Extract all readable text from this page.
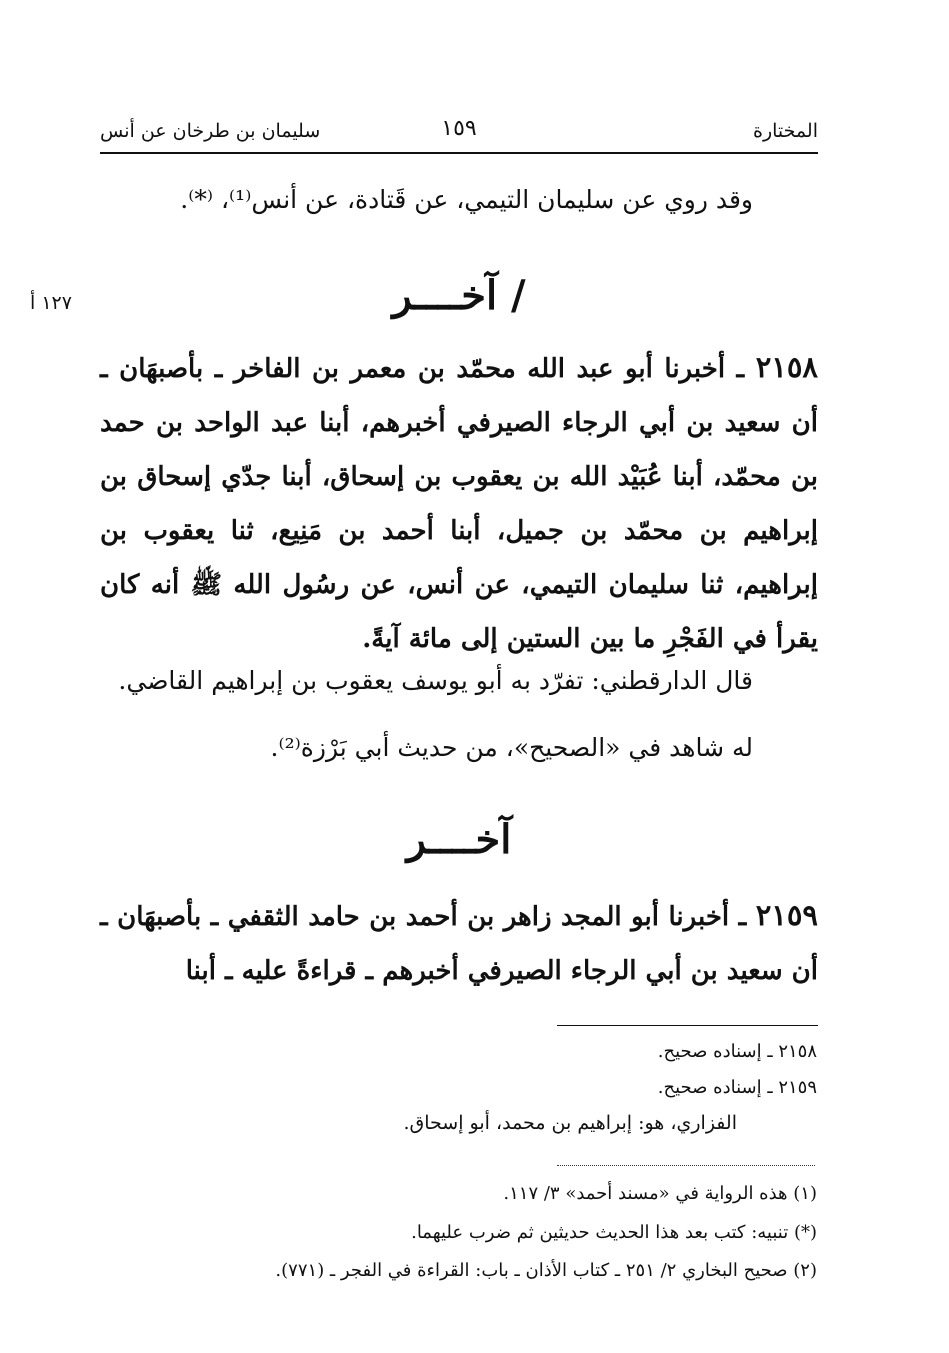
المختارة
١٥٩
سليمان بن طرخان عن أنس
وقد روي عن سليمان التيمي، عن قَتادة، عن أنس⁽¹⁾، ⁽*⁾.
١٢٧ أ	/ آخــــر
٢١٥٨ ـ أخبرنا أبو عبد الله محمّد بن معمر بن الفاخر ـ بأصبهَان ـ أن سعيد بن أبي الرجاء الصيرفي أخبرهم، أبنا عبد الواحد بن حمد بن محمّد، أبنا عُبَيْد الله بن يعقوب بن إسحاق، أبنا جدّي إسحاق بن إبراهيم بن محمّد بن جميل، أبنا أحمد بن مَنِيع، ثنا يعقوب بن إبراهيم، ثنا سليمان التيمي، عن أنس، عن رسُول الله ﷺ أنه كان يقرأ في الفَجْرِ ما بين الستين إلى مائة آيةً.
قال الدارقطني: تفرّد به أبو يوسف يعقوب بن إبراهيم القاضي.
له شاهد في «الصحيح»، من حديث أبي بَرْزة⁽²⁾.
آخــــر
٢١٥٩ ـ أخبرنا أبو المجد زاهر بن أحمد بن حامد الثقفي ـ بأصبهَان ـ أن سعيد بن أبي الرجاء الصيرفي أخبرهم ـ قراءةً عليه ـ أبنا
٢١٥٨ ـ إسناده صحيح.
٢١٥٩ ـ إسناده صحيح.
الفزاري، هو: إبراهيم بن محمد، أبو إسحاق.
(١) هذه الرواية في «مسند أحمد» ٣/ ١١٧.
(*) تنبيه: كتب بعد هذا الحديث حديثين ثم ضرب عليهما.
(٢) صحيح البخاري ٢/ ٢٥١ ـ كتاب الأذان ـ باب: القراءة في الفجر ـ (٧٧١).
